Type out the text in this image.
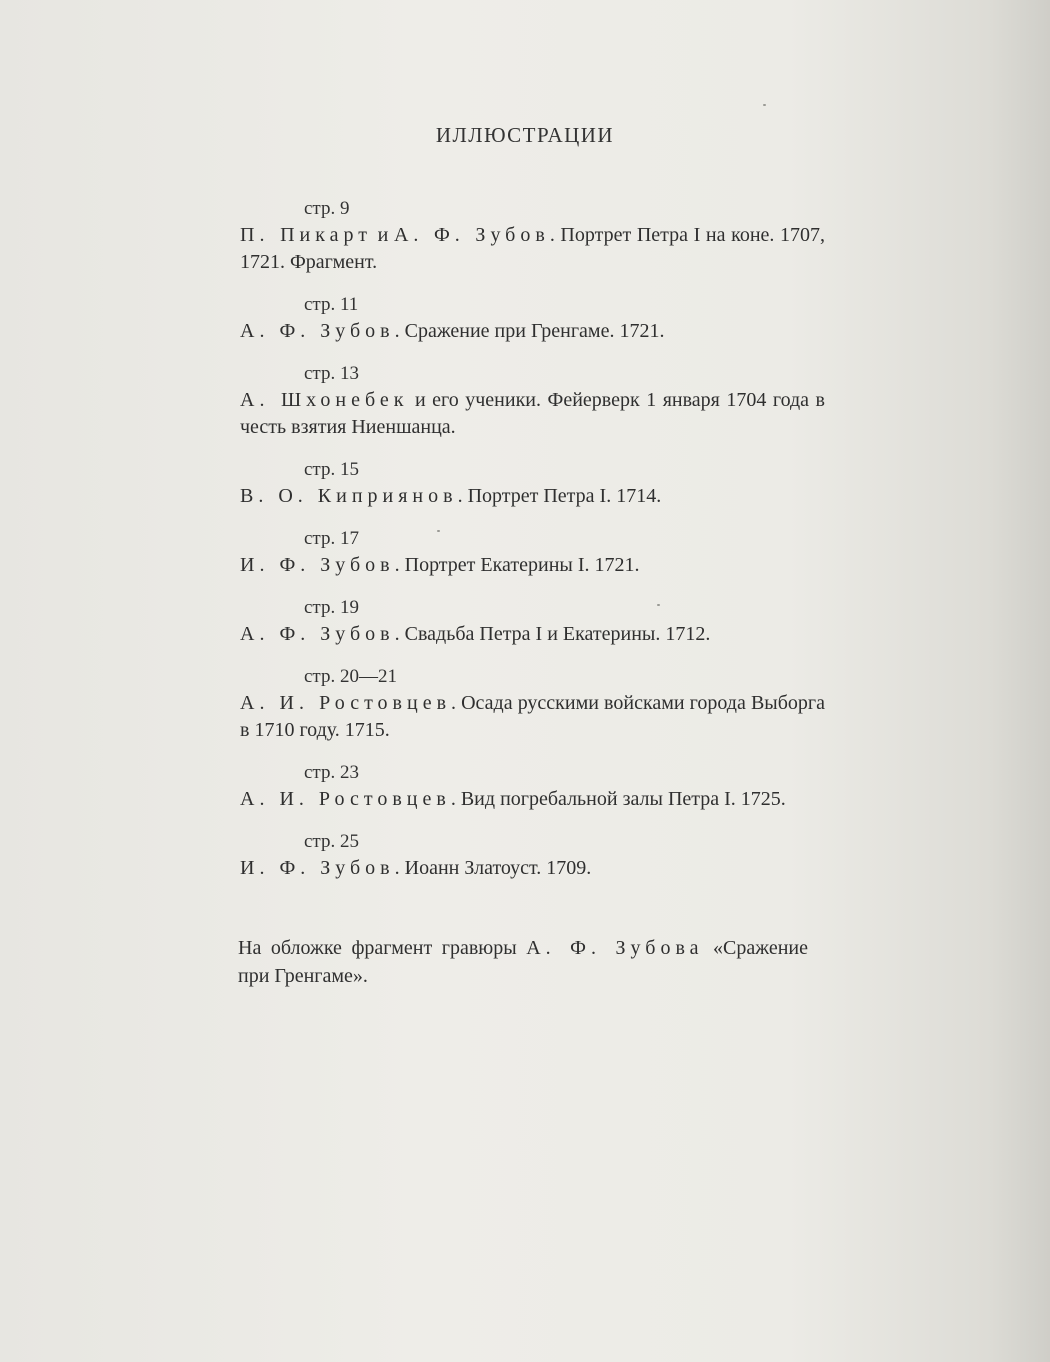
ИЛЛЮСТРАЦИИ
стр. 9
П. Пикарт и А. Ф. Зубов. Портрет Петра I на коне. 1707, 1721. Фрагмент.
стр. 11
А. Ф. Зубов. Сражение при Гренгаме. 1721.
стр. 13
А. Шхонебек и его ученики. Фейерверк 1 января 1704 года в честь взятия Ниеншанца.
стр. 15
В. О. Киприянов. Портрет Петра I. 1714.
стр. 17
И. Ф. Зубов. Портрет Екатерины I. 1721.
стр. 19
А. Ф. Зубов. Свадьба Петра I и Екатерины. 1712.
стр. 20—21
А. И. Ростовцев. Осада русскими войсками города Выборга в 1710 году. 1715.
стр. 23
А. И. Ростовцев. Вид погребальной залы Петра I. 1725.
стр. 25
И. Ф. Зубов. Иоанн Златоуст. 1709.
На обложке фрагмент гравюры А. Ф. Зубова «Сражение при Гренгаме».
